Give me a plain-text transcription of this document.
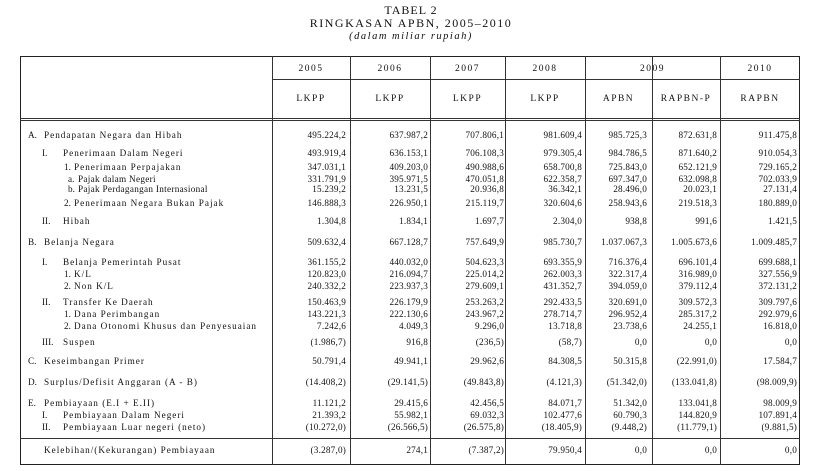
TABEL 2
RINGKASAN APBN, 2005–2010
(dalam miliar rupiah)
2005	2006	2007	2008	2009	2010
LKPP	LKPP	LKPP	LKPP	APBN	RAPBN-P	RAPBN
A. Pendapatan Negara dan Hibah	495.224,2	637.987,2	707.806,1	981.609,4	985.725,3	872.631,8	911.475,8
I. Penerimaan Dalam Negeri	493.919,4	636.153,1	706.108,3	979.305,4	984.786,5	871.640,2	910.054,3
1. Penerimaan Perpajakan	347.031,1	409.203,0	490.988,6	658.700,8	725.843,0	652.121,9	729.165,2
a. Pajak dalam Negeri	331.791,9	395.971,5	470.051,8	622.358,7	697.347,0	632.098,8	702.033,9
b. Pajak Perdagangan Internasional	15.239,2	13.231,5	20.936,8	36.342,1	28.496,0	20.023,1	27.131,4
2. Penerimaan Negara Bukan Pajak	146.888,3	226.950,1	215.119,7	320.604,6	258.943,6	219.518,3	180.889,0
II. Hibah	1.304,8	1.834,1	1.697,7	2.304,0	938,8	991,6	1.421,5
B. Belanja Negara	509.632,4	667.128,7	757.649,9	985.730,7 1.037.067,3	1.005.673,6	1.009.485,7
I. Belanja Pemerintah Pusat	361.155,2	440.032,0	504.623,3	693.355,9	716.376,4	696.101,4	699.688,1
1. K/L	120.823,0	216.094,7	225.014,2	262.003,3	322.317,4	316.989,0	327.556,9
2. Non K/L	240.332,2	223.937,3	279.609,1	431.352,7	394.059,0	379.112,4	372.131,2
II. Transfer Ke Daerah	150.463,9	226.179,9	253.263,2	292.433,5	320.691,0	309.572,3	309.797,6
1. Dana Perimbangan	143.221,3	222.130,6	243.967,2	278.714,7	296.952,4	285.317,2	292.979,6
2. Dana Otonomi Khusus dan Penyesuaian	7.242,6	4.049,3	9.296,0	13.718,8	23.738,6	24.255,1	16.818,0
III. Suspen	(1.986,7)	916,8	(236,5)	(58,7)	0,0	0,0	0,0
C. Keseimbangan Primer	50.791,4	49.941,1	29.962,6	84.308,5	50.315,8	(22.991,0)	17.584,7
D. Surplus/Defisit Anggaran (A - B)	(14.408,2)	(29.141,5)	(49.843,8)	(4.121,3)	(51.342,0)	(133.041,8)	(98.009,9)
E. Pembiayaan (E.I + E.II)	11.121,2	29.415,6	42.456,5	84.071,7	51.342,0	133.041,8	98.009,9
I. Pembiayaan Dalam Negeri	21.393,2	55.982,1	69.032,3	102.477,6	60.790,3	144.820,9	107.891,4
II. Pembiayaan Luar negeri (neto)	(10.272,0)	(26.566,5)	(26.575,8)	(18.405,9)	(9.448,2)	(11.779,1)	(9.881,5)
Kelebihan/(Kekurangan) Pembiayaan	(3.287,0)	274,1	(7.387,2)	79.950,4	0,0	0,0	0,0
